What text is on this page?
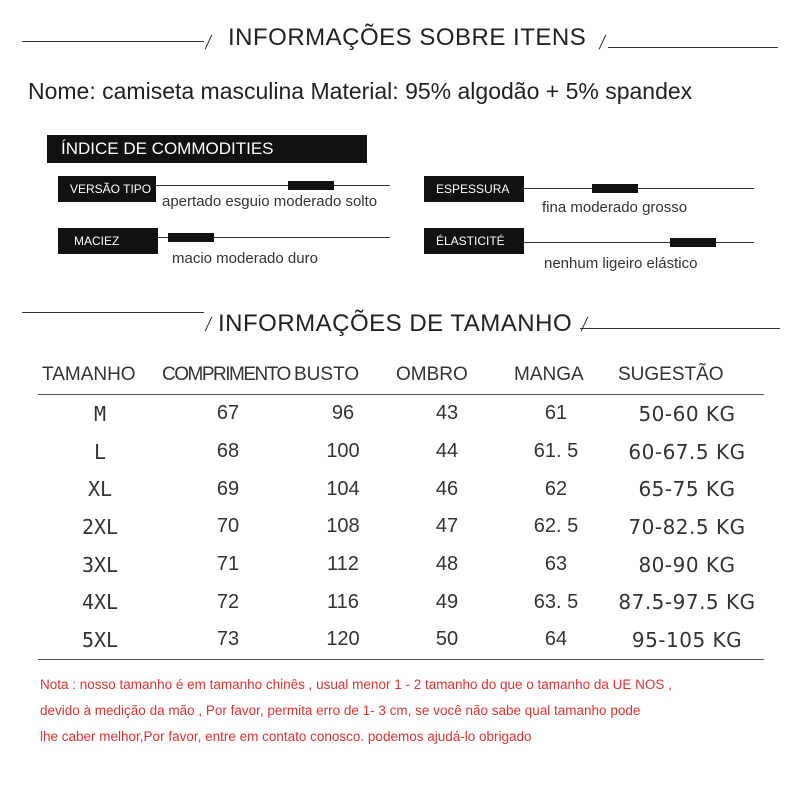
INFORMAÇÕES SOBRE ITENS
Nome: camiseta masculina Material: 95% algodão + 5% spandex
ÍNDICE DE COMMODITIES
VERSÃO TIPO
apertado esguio moderado solto
ESPESSURA
fina moderado grosso
MACIEZ
macio moderado duro
ÉLASTICITÉ
nenhum ligeiro elástico
INFORMAÇÕES DE TAMANHO
TAMANHO	COMPRIMENTO	BUSTO	OMBRO	MANGA	SUGESTÃO
M	67	96	43	61	50-60 KG
L	68	100	44	61. 5	60-67.5 KG
XL	69	104	46	62	65-75 KG
2XL	70	108	47	62. 5	70-82.5 KG
3XL	71	112	48	63	80-90 KG
4XL	72	116	49	63. 5	87.5-97.5 KG
5XL	73	120	50	64	95-105 KG
Nota : nosso tamanho é em tamanho chinês , usual menor 1 - 2 tamanho do que o tamanho da UE NOS ,
devido à medição da mão , Por favor, permita erro de 1- 3 cm, se você não sabe qual tamanho pode
lhe caber melhor,Por favor, entre em contato conosco. podemos ajudá-lo obrigado
